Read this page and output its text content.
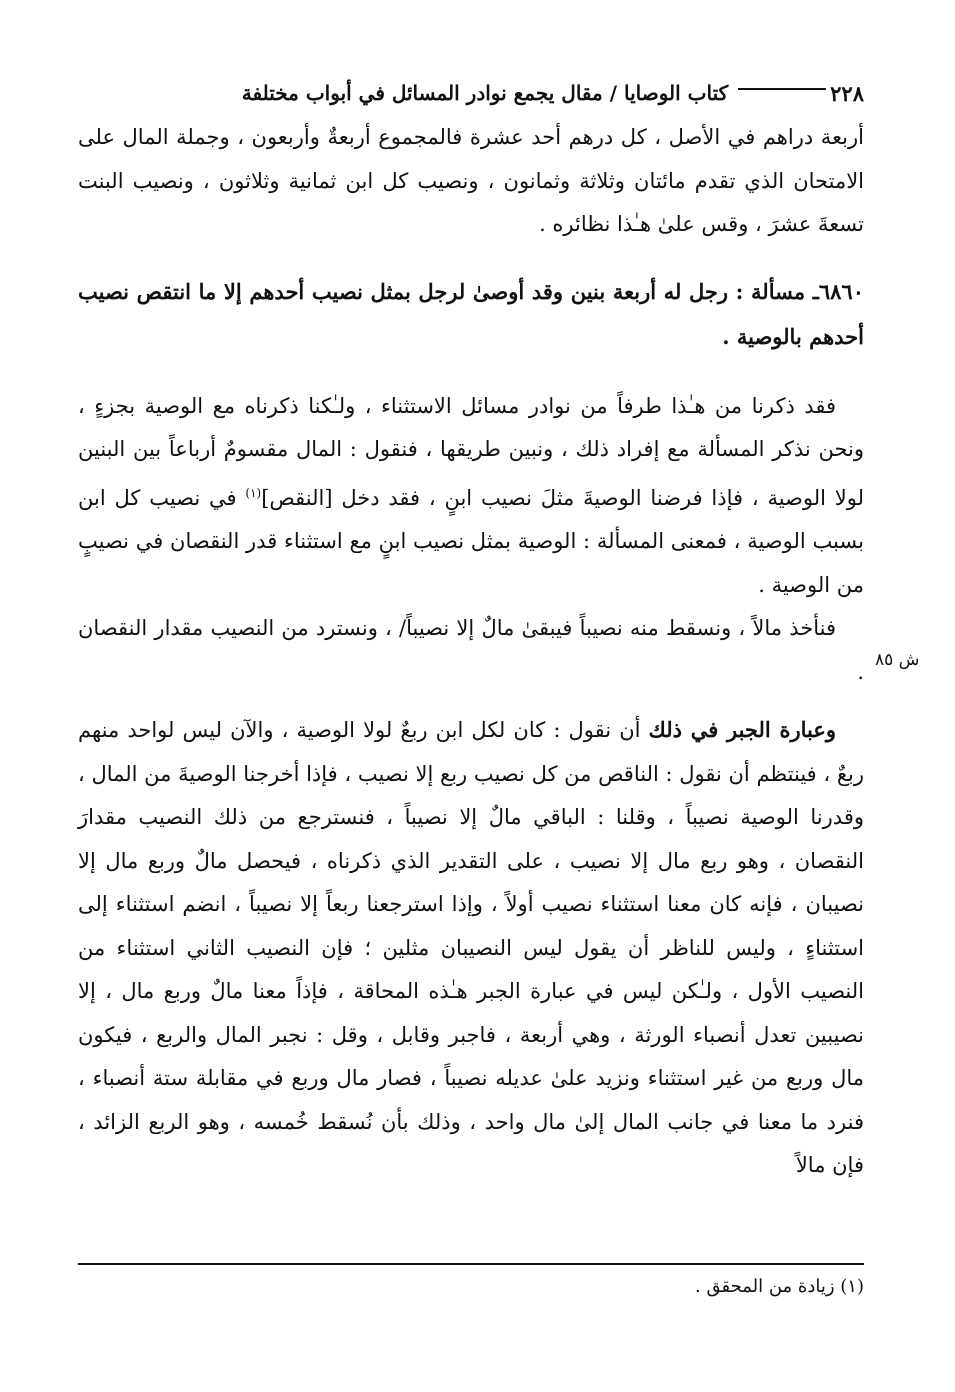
٢٢٨
كتاب الوصايا / مقال يجمع نوادر المسائل في أبواب مختلفة

أربعة دراهم في الأصل ، كل درهم أحد عشرة فالمجموع أربعةٌ وأربعون ، وجملة المال على الامتحان الذي تقدم مائتان وثلاثة وثمانون ، ونصيب كل ابن ثمانية وثلاثون ، ونصيب البنت تسعةَ عشرَ ، وقس علىٰ هـٰذا نظائره .

٦٨٦٠ـ مسألة : رجل له أربعة بنين وقد أوصىٰ لرجل بمثل نصيب أحدهم إلا ما انتقص نصيب أحدهم بالوصية .

فقد ذكرنا من هـٰذا طرفاً من نوادر مسائل الاستثناء ، ولـٰكنا ذكرناه مع الوصية بجزءٍ ، ونحن نذكر المسألة مع إفراد ذلك ، ونبين طريقها ، فنقول : المال مقسومٌ أرباعاً بين البنين لولا الوصية ، فإذا فرضنا الوصيةَ مثلَ نصيب ابنٍ ، فقد دخل [النقص]$^{(١)}$ في نصيب كل ابن بسبب الوصية ، فمعنى المسألة : الوصية بمثل نصيب ابنٍ مع استثناء قدر النقصان في نصيبٍ من الوصية .

فنأخذ مالاً ، ونسقط منه نصيباً فيبقىٰ مالٌ إلا نصيباً/ ، ونسترد من النصيب مقدار النقصان .

وعبارة الجبر في ذلك أن نقول : كان لكل ابن ربعٌ لولا الوصية ، والآن ليس لواحد منهم ربعٌ ، فينتظم أن نقول : الناقص من كل نصيب ربع إلا نصيب ، فإذا أخرجنا الوصيةَ من المال ، وقدرنا الوصية نصيباً ، وقلنا : الباقي مالٌ إلا نصيباً ، فنسترجع من ذلك النصيب مقدارَ النقصان ، وهو ربع مال إلا نصيب ، على التقدير الذي ذكرناه ، فيحصل مالٌ وربع مال إلا نصيبان ، فإنه كان معنا استثناء نصيب أولاً ، وإذا استرجعنا ربعاً إلا نصيباً ، انضم استثناء إلى استثناءٍ ، وليس للناظر أن يقول ليس النصيبان مثلين ؛ فإن النصيب الثاني استثناء من النصيب الأول ، ولـٰكن ليس في عبارة الجبر هـٰذه المحاقة ، فإذاً معنا مالٌ وربع مال ، إلا نصيبين تعدل أنصباء الورثة ، وهي أربعة ، فاجبر وقابل ، وقل : نجبر المال والربع ، فيكون مال وربع من غير استثناء ونزيد علىٰ عديله نصيباً ، فصار مال وربع في مقابلة ستة أنصباء ، فنرد ما معنا في جانب المال إلىٰ مال واحد ، وذلك بأن نُسقط خُمسه ، وهو الربع الزائد ، فإن مالاً

ش ٨٥
(١) زيادة من المحقق .
